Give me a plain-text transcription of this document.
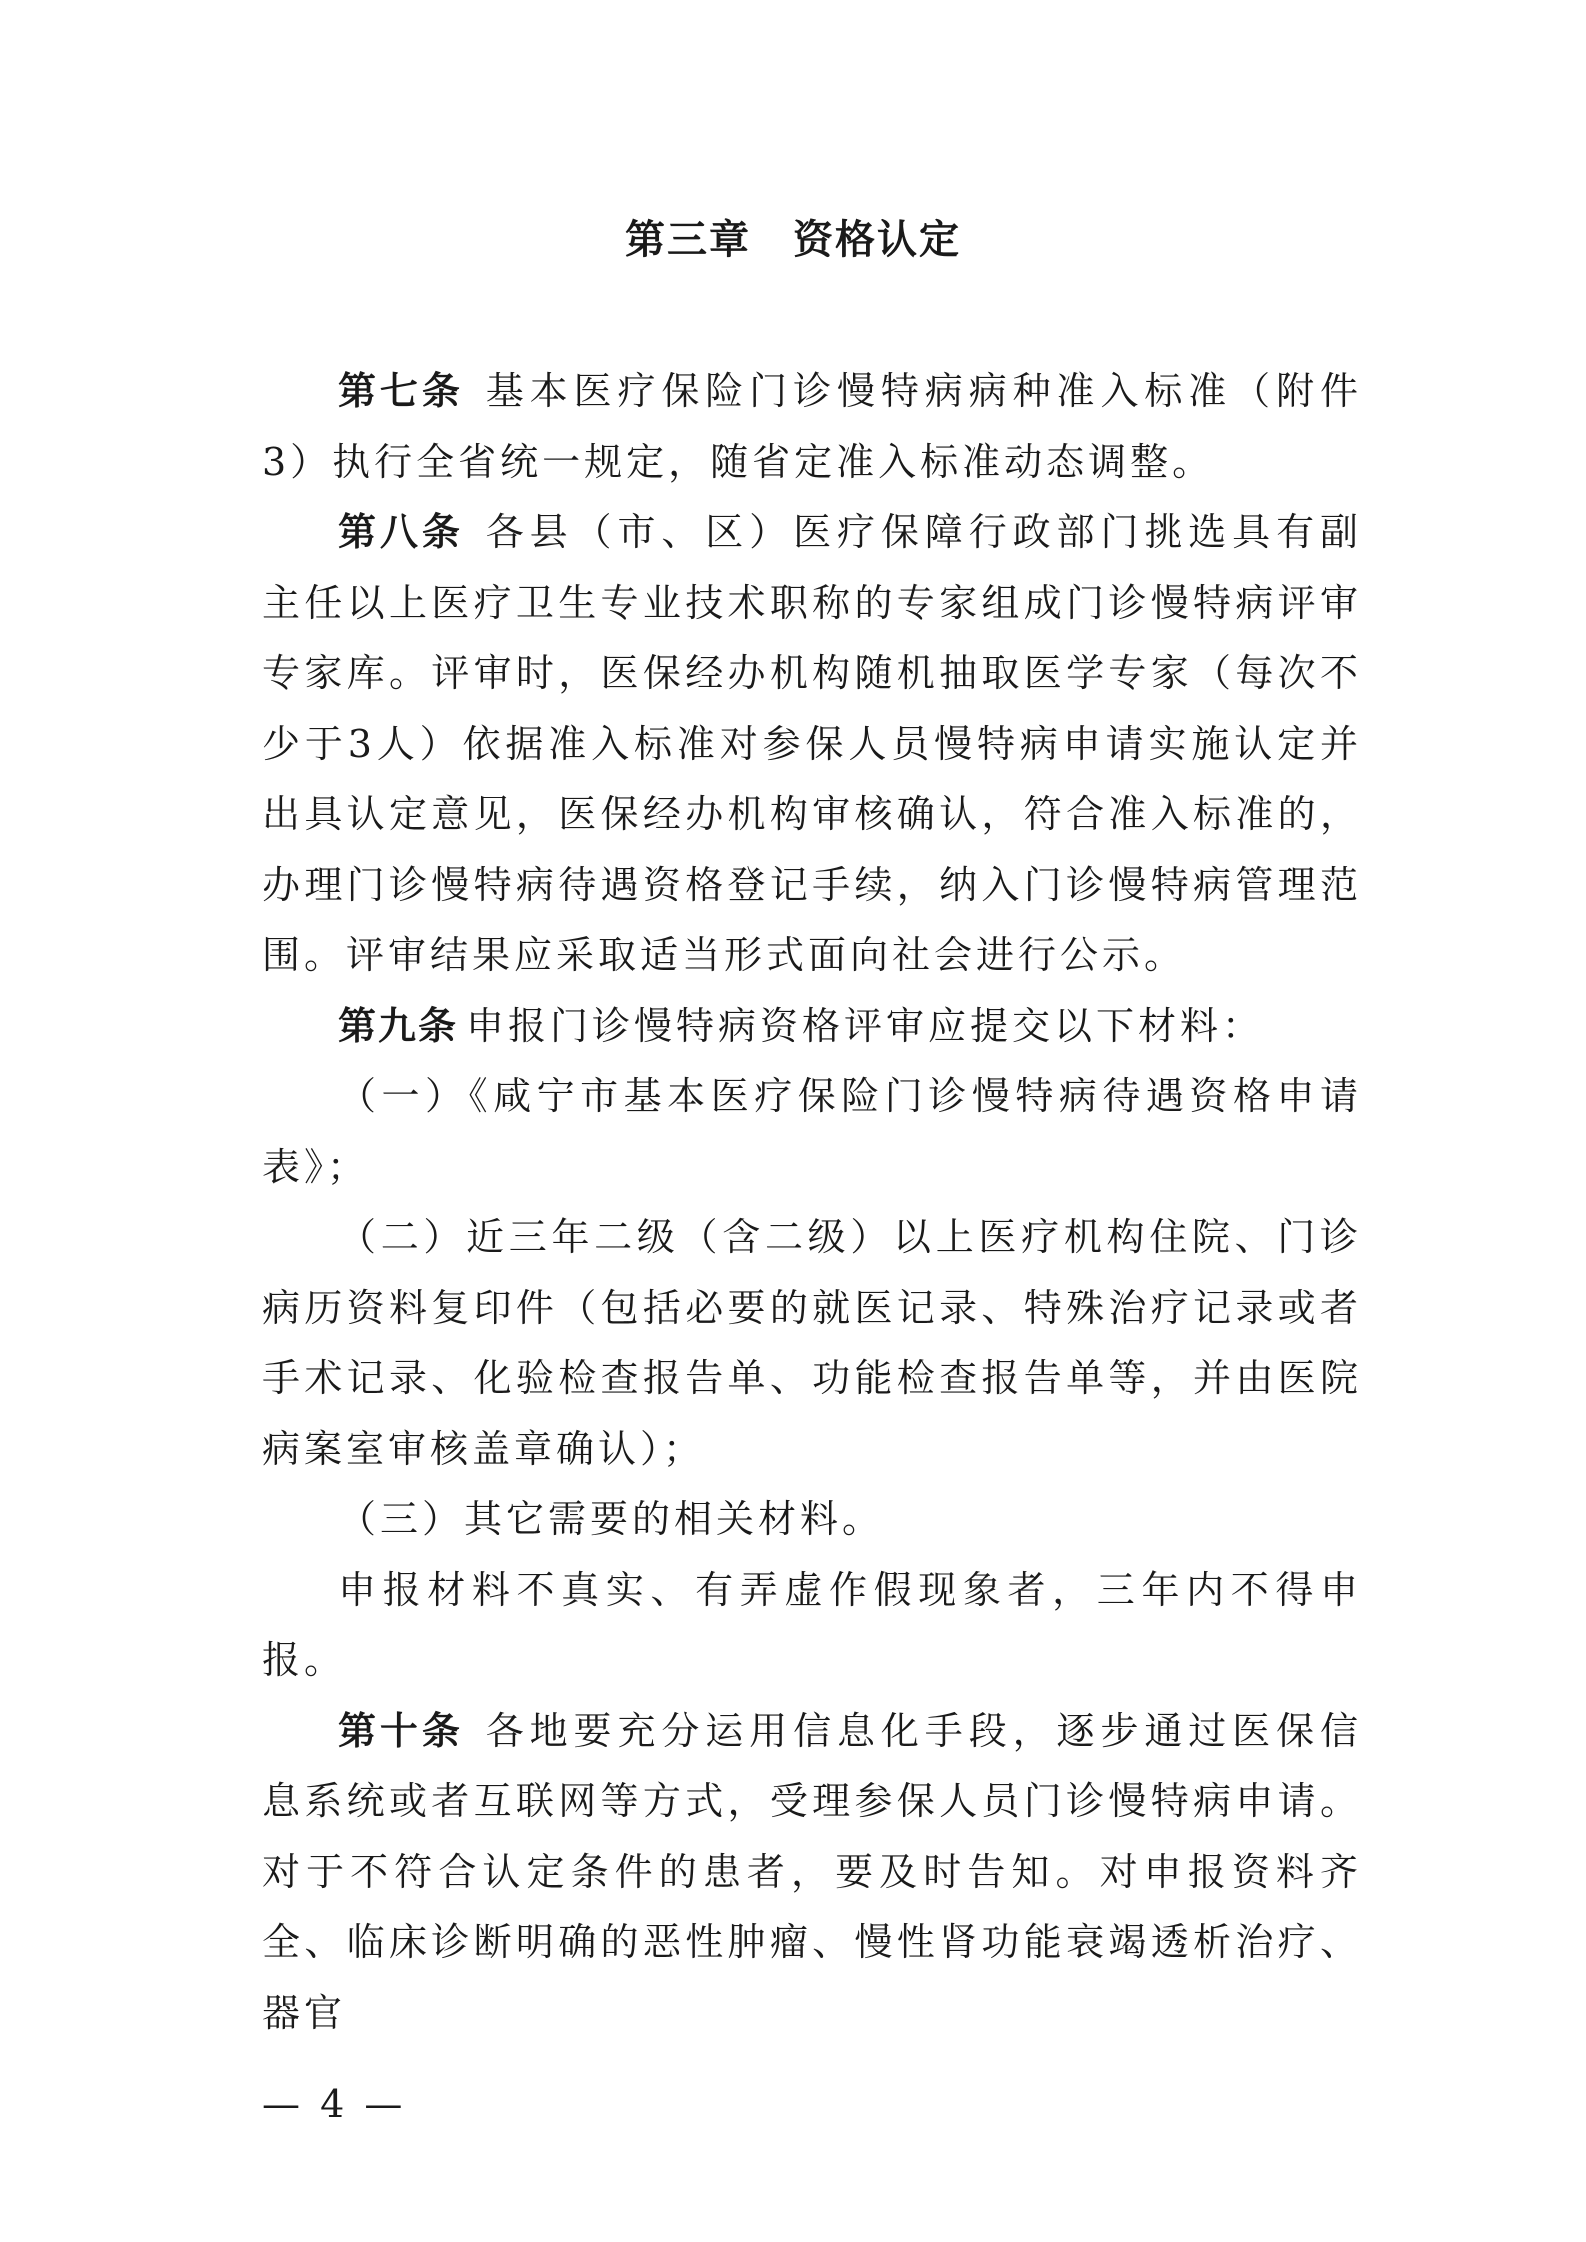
第三章　资格认定

第七条 基本医疗保险门诊慢特病病种准入标准（附件3）执行全省统一规定，随省定准入标准动态调整。

第八条 各县（市、区）医疗保障行政部门挑选具有副主任以上医疗卫生专业技术职称的专家组成门诊慢特病评审专家库。评审时，医保经办机构随机抽取医学专家（每次不少于3人）依据准入标准对参保人员慢特病申请实施认定并出具认定意见，医保经办机构审核确认，符合准入标准的，办理门诊慢特病待遇资格登记手续，纳入门诊慢特病管理范围。评审结果应采取适当形式面向社会进行公示。

第九条 申报门诊慢特病资格评审应提交以下材料：

（一）《咸宁市基本医疗保险门诊慢特病待遇资格申请表》；

（二）近三年二级（含二级）以上医疗机构住院、门诊病历资料复印件（包括必要的就医记录、特殊治疗记录或者手术记录、化验检查报告单、功能检查报告单等，并由医院病案室审核盖章确认）；

（三）其它需要的相关材料。

申报材料不真实、有弄虚作假现象者，三年内不得申报。

第十条 各地要充分运用信息化手段，逐步通过医保信息系统或者互联网等方式，受理参保人员门诊慢特病申请。对于不符合认定条件的患者，要及时告知。对申报资料齐全、临床诊断明确的恶性肿瘤、慢性肾功能衰竭透析治疗、器官

— 4 —
